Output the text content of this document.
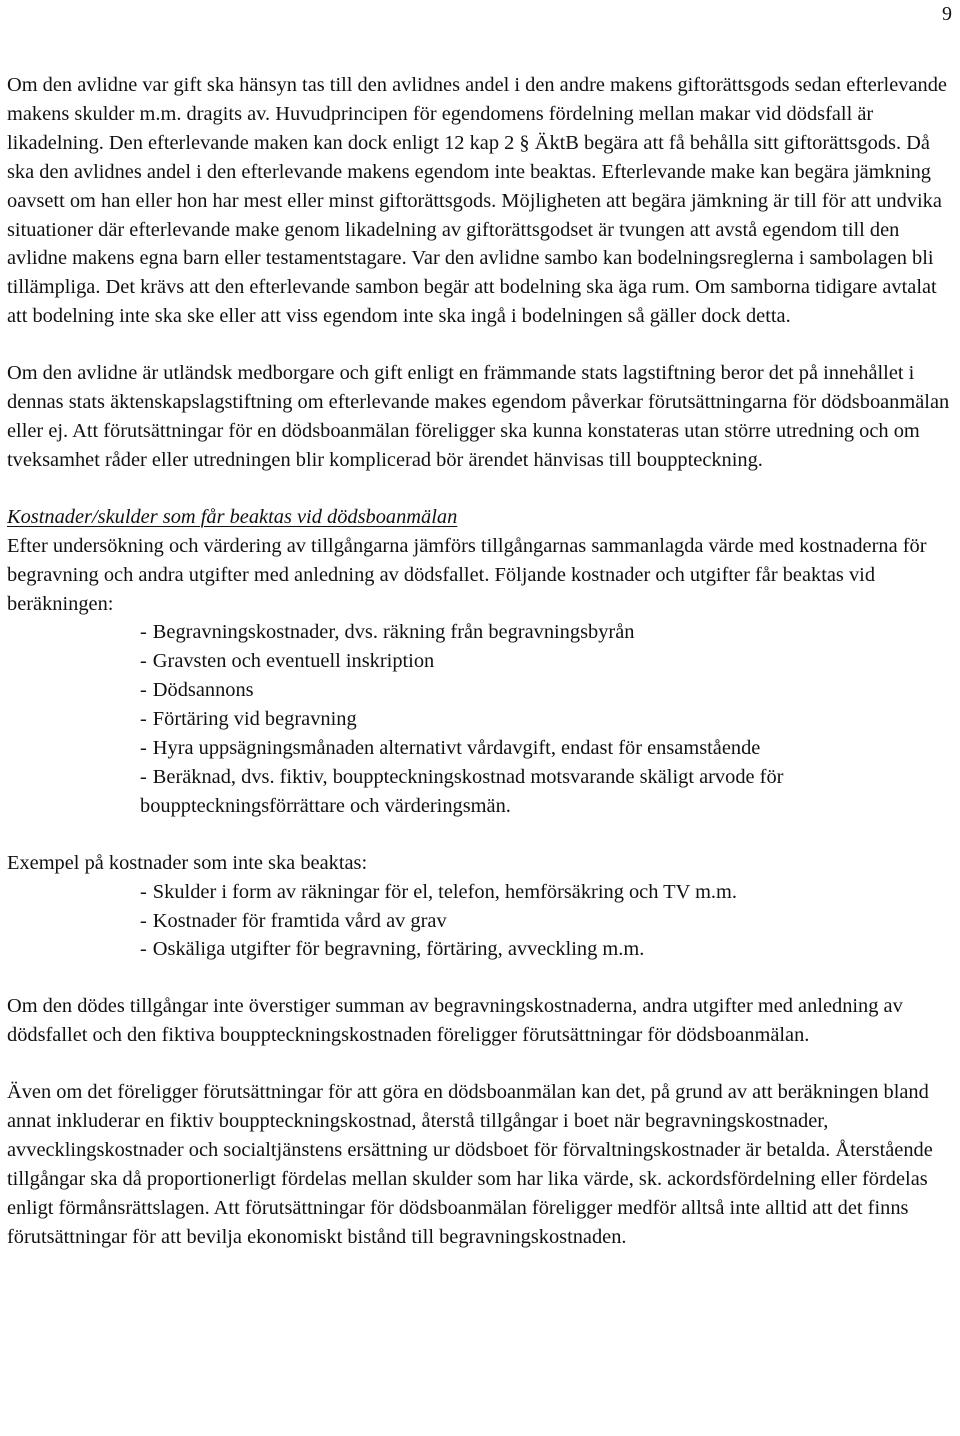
9

Om den avlidne var gift ska hänsyn tas till den avlidnes andel i den andre makens giftorättsgods sedan efterlevande makens skulder m.m. dragits av. Huvudprincipen för egendomens fördelning mellan makar vid dödsfall är likadelning. Den efterlevande maken kan dock enligt 12 kap 2 § ÄktB begära att få behålla sitt giftorättsgods. Då ska den avlidnes andel i den efterlevande makens egendom inte beaktas. Efterlevande make kan begära jämkning oavsett om han eller hon har mest eller minst giftorättsgods. Möjligheten att begära jämkning är till för att undvika situationer där efterlevande make genom likadelning av giftorättsgodset är tvungen att avstå egendom till den avlidne makens egna barn eller testamentstagare. Var den avlidne sambo kan bodelningsreglerna i sambolagen bli tillämpliga. Det krävs att den efterlevande sambon begär att bodelning ska äga rum. Om samborna tidigare avtalat att bodelning inte ska ske eller att viss egendom inte ska ingå i bodelningen så gäller dock detta.

Om den avlidne är utländsk medborgare och gift enligt en främmande stats lagstiftning beror det på innehållet i dennas stats äktenskapslagstiftning om efterlevande makes egendom påverkar förutsättningarna för dödsboanmälan eller ej. Att förutsättningar för en dödsboanmälan föreligger ska kunna konstateras utan större utredning och om tveksamhet råder eller utredningen blir komplicerad bör ärendet hänvisas till bouppteckning.

Kostnader/skulder som får beaktas vid dödsboanmälan

Efter undersökning och värdering av tillgångarna jämförs tillgångarnas sammanlagda värde med kostnaderna för begravning och andra utgifter med anledning av dödsfallet. Följande kostnader och utgifter får beaktas vid beräkningen:

- Begravningskostnader, dvs. räkning från begravningsbyrån
- Gravsten och eventuell inskription
- Dödsannons
- Förtäring vid begravning
- Hyra uppsägningsmånaden alternativt vårdavgift, endast för ensamstående
- Beräknad, dvs. fiktiv, bouppteckningskostnad motsvarande skäligt arvode för
bouppteckningsförrättare och värderingsmän.

Exempel på kostnader som inte ska beaktas:

- Skulder i form av räkningar för el, telefon, hemförsäkring och TV m.m.
- Kostnader för framtida vård av grav
- Oskäliga utgifter för begravning, förtäring, avveckling m.m.

Om den dödes tillgångar inte överstiger summan av begravningskostnaderna, andra utgifter med anledning av dödsfallet och den fiktiva bouppteckningskostnaden föreligger förutsättningar för dödsboanmälan.

Även om det föreligger förutsättningar för att göra en dödsboanmälan kan det, på grund av att beräkningen bland annat inkluderar en fiktiv bouppteckningskostnad, återstå tillgångar i boet när begravningskostnader, avvecklingskostnader och socialtjänstens ersättning ur dödsboet för förvaltningskostnader är betalda. Återstående tillgångar ska då proportionerligt fördelas mellan skulder som har lika värde, sk. ackordsfördelning eller fördelas enligt förmånsrättslagen. Att förutsättningar för dödsboanmälan föreligger medför alltså inte alltid att det finns förutsättningar för att bevilja ekonomiskt bistånd till begravningskostnaden.
